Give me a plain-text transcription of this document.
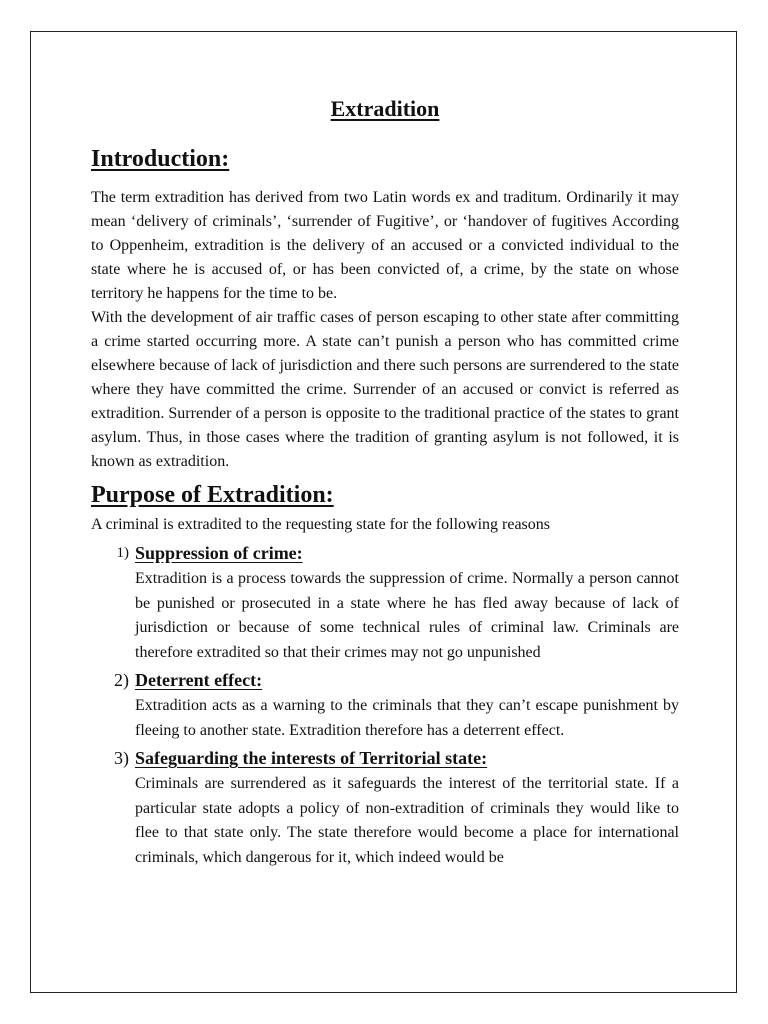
Extradition
Introduction:

The term extradition has derived from two Latin words ex and traditum. Ordinarily it may mean ‘delivery of criminals’, ‘surrender of Fugitive’, or ‘handover of fugitives According to Oppenheim, extradition is the delivery of an accused or a convicted individual to the state where he is accused of, or has been convicted of, a crime, by the state on whose territory he happens for the time to be.

With the development of air traffic cases of person escaping to other state after committing a crime started occurring more. A state can’t punish a person who has committed crime elsewhere because of lack of jurisdiction and there such persons are surrendered to the state where they have committed the crime. Surrender of an accused or convict is referred as extradition. Surrender of a person is opposite to the traditional practice of the states to grant asylum. Thus, in those cases where the tradition of granting asylum is not followed, it is known as extradition.

Purpose of Extradition:

A criminal is extradited to the requesting state for the following reasons

1) Suppression of crime:

Extradition is a process towards the suppression of crime. Normally a person cannot be punished or prosecuted in a state where he has fled away because of lack of jurisdiction or because of some technical rules of criminal law. Criminals are therefore extradited so that their crimes may not go unpunished

2) Deterrent effect:

Extradition acts as a warning to the criminals that they can’t escape punishment by fleeing to another state. Extradition therefore has a deterrent effect.

3) Safeguarding the interests of Territorial state:

Criminals are surrendered as it safeguards the interest of the territorial state. If a particular state adopts a policy of non-extradition of criminals they would like to flee to that state only. The state therefore would become a place for international criminals, which dangerous for it, which indeed would be
